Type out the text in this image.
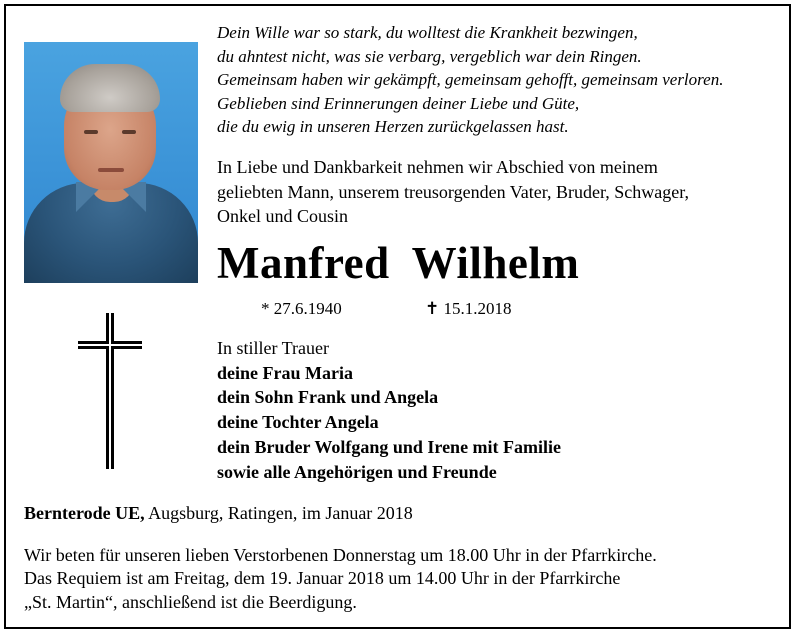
Dein Wille war so stark, du wolltest die Krankheit bezwingen,
du ahntest nicht, was sie verbarg, vergeblich war dein Ringen.
Gemeinsam haben wir gekämpft, gemeinsam gehofft, gemeinsam verloren.
Geblieben sind Erinnerungen deiner Liebe und Güte,
die du ewig in unseren Herzen zurückgelassen hast.
In Liebe und Dankbarkeit nehmen wir Abschied von meinem
geliebten Mann, unserem treusorgenden Vater, Bruder, Schwager,
Onkel und Cousin
Manfred Wilhelm
* 27.6.1940	✝ 15.1.2018
In stiller Trauer
deine Frau Maria
dein Sohn Frank und Angela
deine Tochter Angela
dein Bruder Wolfgang und Irene mit Familie
sowie alle Angehörigen und Freunde
Bernterode UE, Augsburg, Ratingen, im Januar 2018
Wir beten für unseren lieben Verstorbenen Donnerstag um 18.00 Uhr in der Pfarrkirche.
Das Requiem ist am Freitag, dem 19. Januar 2018 um 14.00 Uhr in der Pfarrkirche
„St. Martin“, anschließend ist die Beerdigung.
